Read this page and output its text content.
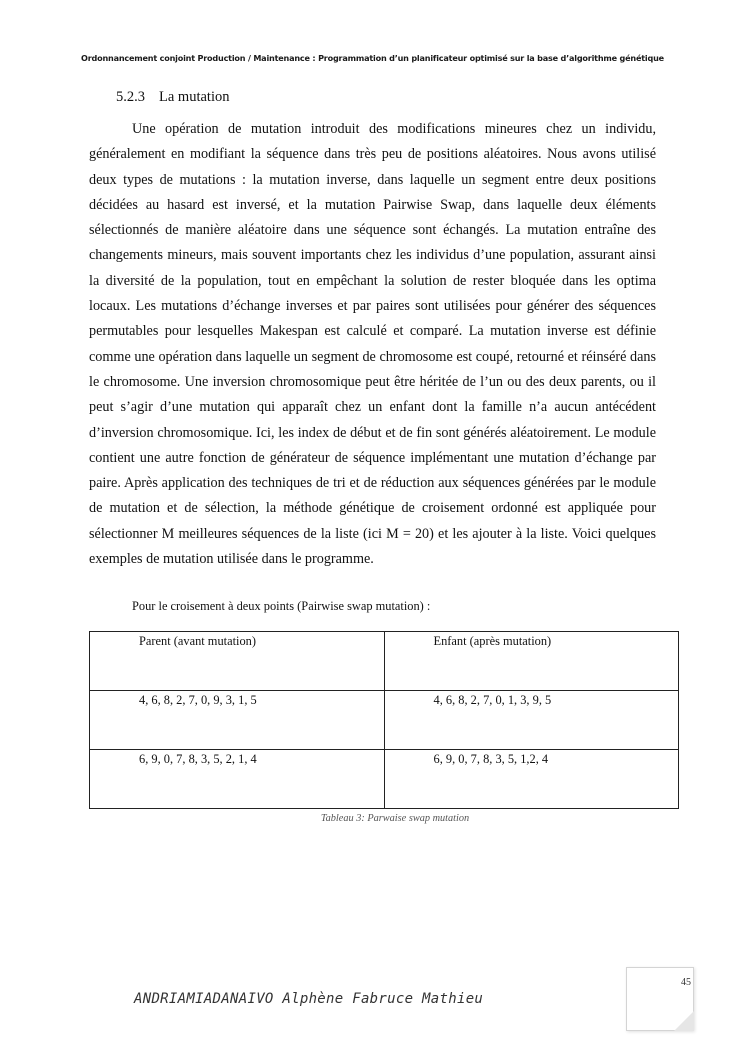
Ordonnancement conjoint Production / Maintenance : Programmation d’un planificateur optimisé sur la base d’algorithme génétique
5.2.3 La mutation
Une opération de mutation introduit des modifications mineures chez un individu, généralement en modifiant la séquence dans très peu de positions aléatoires. Nous avons utilisé deux types de mutations : la mutation inverse, dans laquelle un segment entre deux positions décidées au hasard est inversé, et la mutation Pairwise Swap, dans laquelle deux éléments sélectionnés de manière aléatoire dans une séquence sont échangés. La mutation entraîne des changements mineurs, mais souvent importants chez les individus d’une population, assurant ainsi la diversité de la population, tout en empêchant la solution de rester bloquée dans les optima locaux. Les mutations d’échange inverses et par paires sont utilisées pour générer des séquences permutables pour lesquelles Makespan est calculé et comparé. La mutation inverse est définie comme une opération dans laquelle un segment de chromosome est coupé, retourné et réinséré dans le chromosome. Une inversion chromosomique peut être héritée de l’un ou des deux parents, ou il peut s’agir d’une mutation qui apparaît chez un enfant dont la famille n’a aucun antécédent d’inversion chromosomique. Ici, les index de début et de fin sont générés aléatoirement. Le module contient une autre fonction de générateur de séquence implémentant une mutation d’échange par paire. Après application des techniques de tri et de réduction aux séquences générées par le module de mutation et de sélection, la méthode génétique de croisement ordonné est appliquée pour sélectionner M meilleures séquences de la liste (ici M = 20) et les ajouter à la liste. Voici quelques exemples de mutation utilisée dans le programme.
Pour le croisement à deux points (Pairwise swap mutation) :
Parent (avant mutation)	Enfant (après mutation)

4, 6, 8, 2, 7, 0, 9, 3, 1, 5	4, 6, 8, 2, 7, 0, 1, 3, 9, 5

6, 9, 0, 7, 8, 3, 5, 2, 1, 4	6, 9, 0, 7, 8, 3, 5, 1,2, 4
Tableau 3: Parwaise swap mutation
45
ANDRIAMIADANAIVO Alphène Fabruce Mathieu
